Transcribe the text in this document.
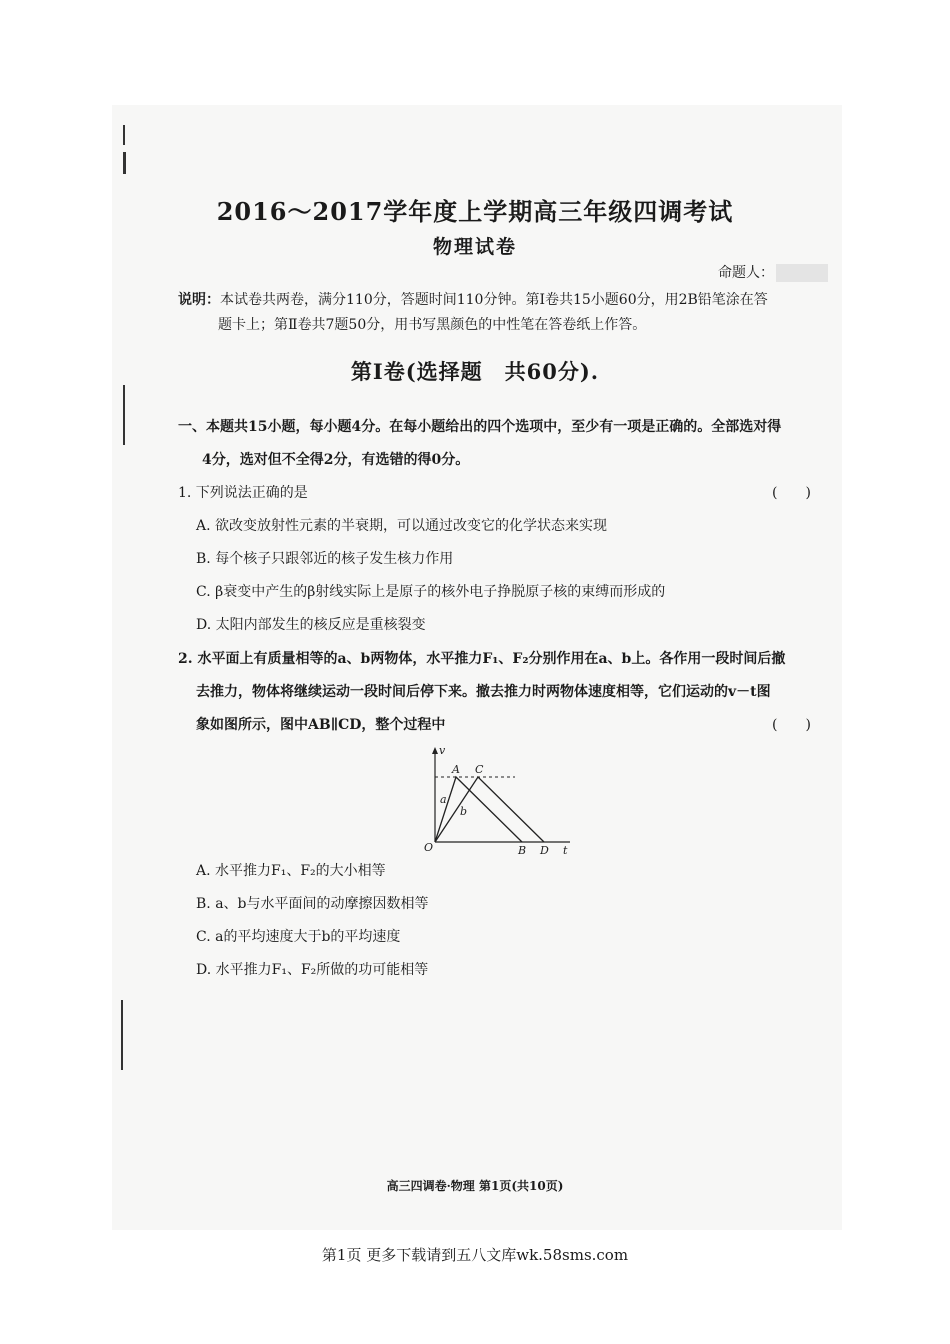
2016～2017学年度上学期高三年级四调考试
物理试卷
命题人：
说明：本试卷共两卷，满分110分，答题时间110分钟。第Ⅰ卷共15小题60分，用2B铅笔涂在答
题卡上；第Ⅱ卷共7题50分，用书写黑颜色的中性笔在答卷纸上作答。
第Ⅰ卷(选择题　共60分).
一、本题共15小题，每小题4分。在每小题给出的四个选项中，至少有一项是正确的。全部选对得
4分，选对但不全得2分，有选错的得0分。
1. 下列说法正确的是	(　　)
A. 欲改变放射性元素的半衰期，可以通过改变它的化学状态来实现
B. 每个核子只跟邻近的核子发生核力作用
C. β衰变中产生的β射线实际上是原子的核外电子挣脱原子核的束缚而形成的
D. 太阳内部发生的核反应是重核裂变
2. 水平面上有质量相等的a、b两物体，水平推力F₁、F₂分别作用在a、b上。各作用一段时间后撤
去推力，物体将继续运动一段时间后停下来。撤去推力时两物体速度相等，它们运动的v－t图
象如图所示，图中AB∥CD，整个过程中	(　　)
v
t
O
A C
B D
a
b
A. 水平推力F₁、F₂的大小相等
B. a、b与水平面间的动摩擦因数相等
C. a的平均速度大于b的平均速度
D. 水平推力F₁、F₂所做的功可能相等
高三四调卷·物理 第1页(共10页)
第1页 更多下载请到五八文库wk.58sms.com
